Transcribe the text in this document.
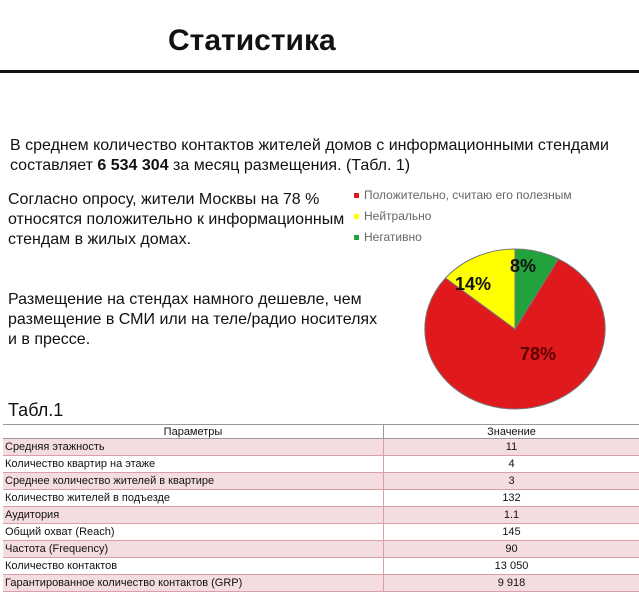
Статистика
В среднем количество контактов жителей домов с информационными стендами составляет 6 534 304 за месяц размещения. (Табл. 1)
Согласно опросу, жители Москвы на 78 % относятся положительно к информационным стендам в жилых домах.
Размещение на стендах намного дешевле, чем размещение в СМИ или на теле/радио носителях и в прессе.
Положительно, считаю его полезным
Нейтрально
Негативно
78%
14%
8%
Табл.1
Параметры	Значение
Средняя этажность	11
Количество квартир на этаже	4
Среднее количество жителей в квартире	3
Количество жителей в подъезде	132
Аудитория	1.1
Общий охват (Reach)	145
Частота (Frequency)	90
Количество контактов	13 050
Гарантированное количество контактов (GRP)	9 918
